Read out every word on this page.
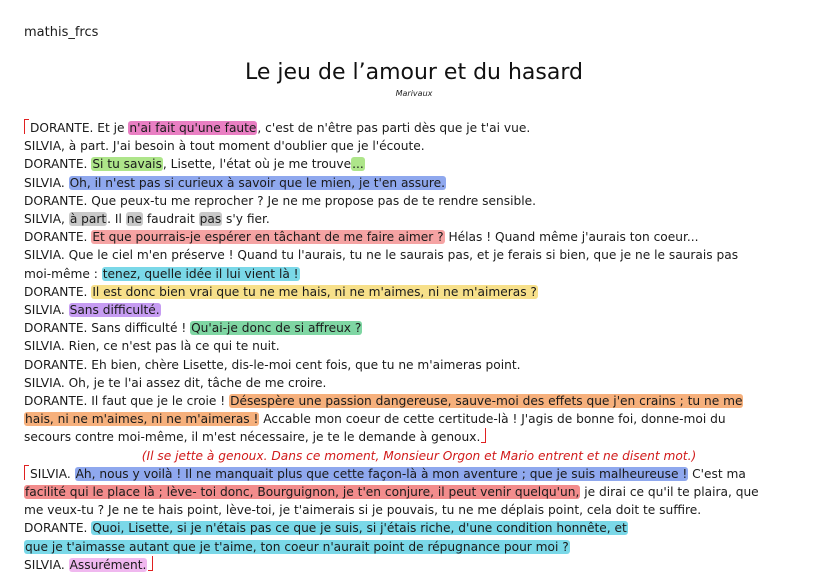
mathis_frcs
Le jeu de l’amour et du hasard
Marivaux
DORANTE. Et je n'ai fait qu'une faute, c'est de n'être pas parti dès que je t'ai vue.
SILVIA, à part. J'ai besoin à tout moment d'oublier que je l'écoute.
DORANTE. Si tu savais, Lisette, l'état où je me trouve...
SILVIA. Oh, il n'est pas si curieux à savoir que le mien, je t'en assure.
DORANTE. Que peux-tu me reprocher ? Je ne me propose pas de te rendre sensible.
SILVIA, à part. Il ne faudrait pas s'y fier.
DORANTE. Et que pourrais-je espérer en tâchant de me faire aimer ? Hélas ! Quand même j'aurais ton coeur...
SILVIA. Que le ciel m'en préserve ! Quand tu l'aurais, tu ne le saurais pas, et je ferais si bien, que je ne le saurais pas
moi-même : tenez, quelle idée il lui vient là !
DORANTE. Il est donc bien vrai que tu ne me hais, ni ne m'aimes, ni ne m'aimeras ?
SILVIA. Sans difficulté.
DORANTE. Sans difficulté ! Qu'ai-je donc de si affreux ?
SILVIA. Rien, ce n'est pas là ce qui te nuit.
DORANTE. Eh bien, chère Lisette, dis-le-moi cent fois, que tu ne m'aimeras point.
SILVIA. Oh, je te l'ai assez dit, tâche de me croire.
DORANTE. Il faut que je le croie ! Désespère une passion dangereuse, sauve-moi des effets que j'en crains ; tu ne me
hais, ni ne m'aimes, ni ne m'aimeras ! Accable mon coeur de cette certitude-là ! J'agis de bonne foi, donne-moi du
secours contre moi-même, il m'est nécessaire, je te le demande à genoux.
(Il se jette à genoux. Dans ce moment, Monsieur Orgon et Mario entrent et ne disent mot.)
SILVIA. Ah, nous y voilà ! Il ne manquait plus que cette façon-là à mon aventure ; que je suis malheureuse ! C'est ma
facilité qui le place là ; lève- toi donc, Bourguignon, je t'en conjure, il peut venir quelqu'un, je dirai ce qu'il te plaira, que
me veux-tu ? Je ne te hais point, lève-toi, je t'aimerais si je pouvais, tu ne me déplais point, cela doit te suffire.
DORANTE. Quoi, Lisette, si je n'étais pas ce que je suis, si j'étais riche, d'une condition honnête, et
que je t'aimasse autant que je t'aime, ton coeur n'aurait point de répugnance pour moi ?
SILVIA. Assurément.
